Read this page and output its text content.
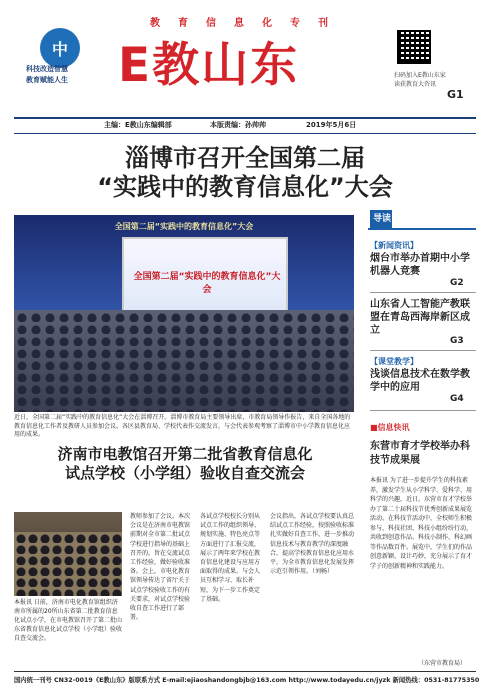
教育信息化专刊
中
科技改造智慧
教育赋能人生 E教山东	扫码加入E教山东家
读获教育大咨讯
G1
主编：E教山东编辑部	本版责编：孙帅帅	2019年5月6日
淄博市召开全国第二届
“实践中的教育信息化”大会
全国第二届“实践中的教育信息化”大会
全国第二届“实践中的教育信息化”大会
近日，全国第二届“实践中的教育信息化”大会在淄博召开。淄博市教育局主要领导出席，市教育局领导作报告，来自全国各地的教育信息化工作者及教研人员参加会议。各区县教育局、学校代表作交流发言，与会代表参观考察了淄博市中小学教育信息化应用的成果。
导读
【新闻资讯】
烟台市举办首期中小学机器人竞赛
G2
山东省人工智能产教联盟在青岛西海岸新区成立
G3
【课堂教学】
浅谈信息技术在数学教学中的应用
G4
■信息快讯
东营市育才学校举办科技节成果展
本报讯 为了进一步提升学生的科技素养，激发学生从小学科学、爱科学、用科学的兴趣，近日，东营市育才学校举办了第二十届科技节优秀创新成果展览活动。在科技节活动中，全校师生积极参与，科技社团、科技小组纷纷行动，共收到创意作品、科技小制作、科幻画等作品数百件。展览中，学生们的作品创意新颖、设计巧妙，充分展示了育才学子的创新精神和实践能力。
（东营市教育局）
济南市电教馆召开第二批省教育信息化
试点学校（小学组）验收自查交流会
本报讯 日前，济南市电化教育馆组织济南市所属的20所山东省第二批教育信息化试点小学，在市电教馆召开了第二批山东省教育信息化试点学校（小学组）验收自查交流会。
教师参加了会议。本次会议是在济南市电教馆前期对全市第二批试点学校进行指导的基础上召开的，旨在交流试点工作经验，做好验收准备。会上，市电化教育馆领导传达了省厅关于试点学校验收工作的有关要求，对试点学校验收自查工作进行了部署。
各试点学校校长分别从试点工作的组织领导、规划实施、特色亮点等方面进行了汇报交流，展示了两年来学校在教育信息化建设与应用方面取得的成果。与会人员互相学习、取长补短，为下一步工作奠定了基础。
会议指出，各试点学校要认真总结试点工作经验，按照验收标准扎实做好自查工作，进一步推动信息技术与教育教学的深度融合，提高学校教育信息化应用水平，为全市教育信息化发展发挥示范引领作用。（刘畅）
国内统一刊号 CN32-0019《E教山东》版联系方式 E-mail:ejiaoshandongbjb@163.com http://www.todayedu.cn/jyzk 新闻热线：0531-81775350
